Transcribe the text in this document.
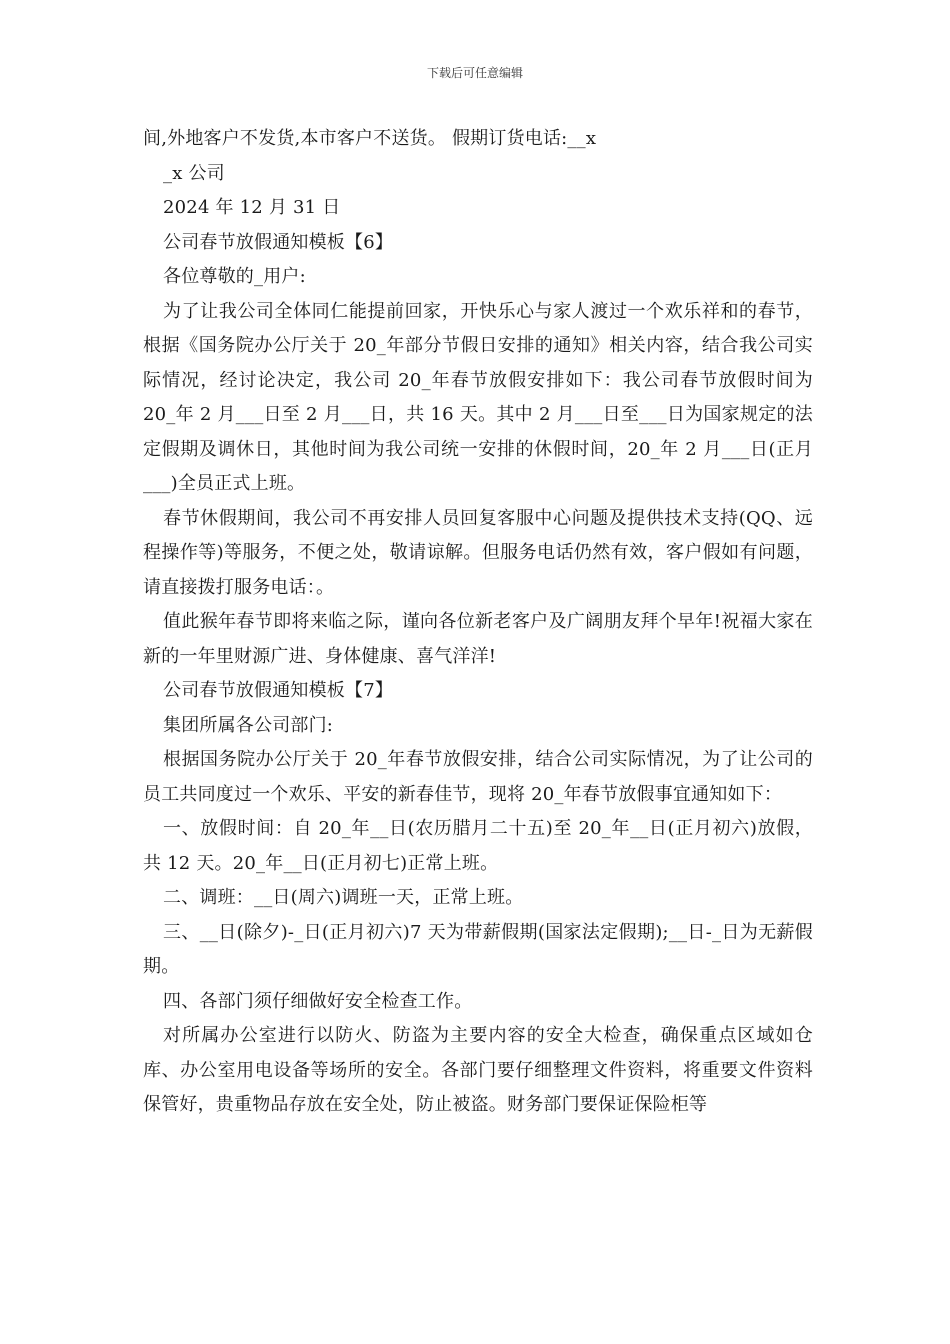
下载后可任意编辑

间,外地客户不发货,本市客户不送货。 假期订货电话:__x

_x 公司

2024 年 12 月 31 日

公司春节放假通知模板【6】

各位尊敬的_用户:

为了让我公司全体同仁能提前回家，开快乐心与家人渡过一个欢乐祥和的春节，根据《国务院办公厅关于 20_年部分节假日安排的通知》相关内容，结合我公司实际情况，经讨论决定，我公司 20_年春节放假安排如下：我公司春节放假时间为 20_年 2 月___日至 2 月___日，共 16 天。其中 2 月___日至___日为国家规定的法定假期及调休日，其他时间为我公司统一安排的休假时间，20_年 2 月___日(正月___)全员正式上班。

春节休假期间，我公司不再安排人员回复客服中心问题及提供技术支持(QQ、远程操作等)等服务，不便之处，敬请谅解。但服务电话仍然有效，客户假如有问题，请直接拨打服务电话：。

值此猴年春节即将来临之际，谨向各位新老客户及广阔朋友拜个早年!祝福大家在新的一年里财源广进、身体健康、喜气洋洋!

公司春节放假通知模板【7】

集团所属各公司部门:

根据国务院办公厅关于 20_年春节放假安排，结合公司实际情况，为了让公司的员工共同度过一个欢乐、平安的新春佳节，现将 20_年春节放假事宜通知如下：

一、放假时间：自 20_年__日(农历腊月二十五)至 20_年__日(正月初六)放假，共 12 天。20_年__日(正月初七)正常上班。

二、调班：__日(周六)调班一天，正常上班。

三、__日(除夕)-_日(正月初六)7 天为带薪假期(国家法定假期);__日-_日为无薪假期。

四、各部门须仔细做好安全检查工作。

对所属办公室进行以防火、防盗为主要内容的安全大检查，确保重点区域如仓库、办公室用电设备等场所的安全。各部门要仔细整理文件资料，将重要文件资料保管好，贵重物品存放在安全处，防止被盗。财务部门要保证保险柜等
